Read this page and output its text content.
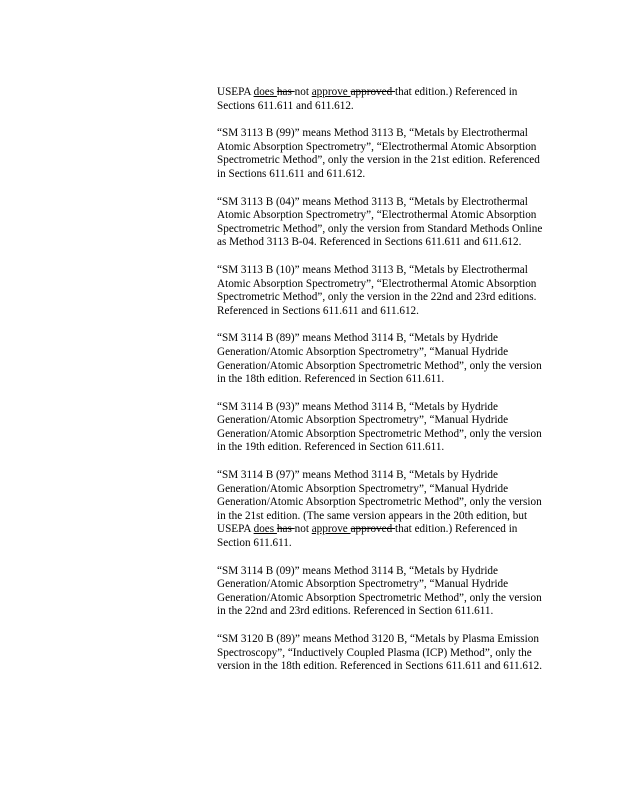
USEPA does has not approve approved that edition.) Referenced in Sections 611.611 and 611.612.

“SM 3113 B (99)” means Method 3113 B, “Metals by Electrothermal Atomic Absorption Spectrometry”, “Electrothermal Atomic Absorption Spectrometric Method”, only the version in the 21st edition. Referenced in Sections 611.611 and 611.612.

“SM 3113 B (04)” means Method 3113 B, “Metals by Electrothermal Atomic Absorption Spectrometry”, “Electrothermal Atomic Absorption Spectrometric Method”, only the version from Standard Methods Online as Method 3113 B-04. Referenced in Sections 611.611 and 611.612.

“SM 3113 B (10)” means Method 3113 B, “Metals by Electrothermal Atomic Absorption Spectrometry”, “Electrothermal Atomic Absorption Spectrometric Method”, only the version in the 22nd and 23rd editions. Referenced in Sections 611.611 and 611.612.

“SM 3114 B (89)” means Method 3114 B, “Metals by Hydride Generation/Atomic Absorption Spectrometry”, “Manual Hydride Generation/Atomic Absorption Spectrometric Method”, only the version in the 18th edition. Referenced in Section 611.611.

“SM 3114 B (93)” means Method 3114 B, “Metals by Hydride Generation/Atomic Absorption Spectrometry”, “Manual Hydride Generation/Atomic Absorption Spectrometric Method”, only the version in the 19th edition. Referenced in Section 611.611.

“SM 3114 B (97)” means Method 3114 B, “Metals by Hydride Generation/Atomic Absorption Spectrometry”, “Manual Hydride Generation/Atomic Absorption Spectrometric Method”, only the version in the 21st edition. (The same version appears in the 20th edition, but USEPA does has not approve approved that edition.) Referenced in Section 611.611.

“SM 3114 B (09)” means Method 3114 B, “Metals by Hydride Generation/Atomic Absorption Spectrometry”, “Manual Hydride Generation/Atomic Absorption Spectrometric Method”, only the version in the 22nd and 23rd editions. Referenced in Section 611.611.

“SM 3120 B (89)” means Method 3120 B, “Metals by Plasma Emission Spectroscopy”, “Inductively Coupled Plasma (ICP) Method”, only the version in the 18th edition. Referenced in Sections 611.611 and 611.612.
